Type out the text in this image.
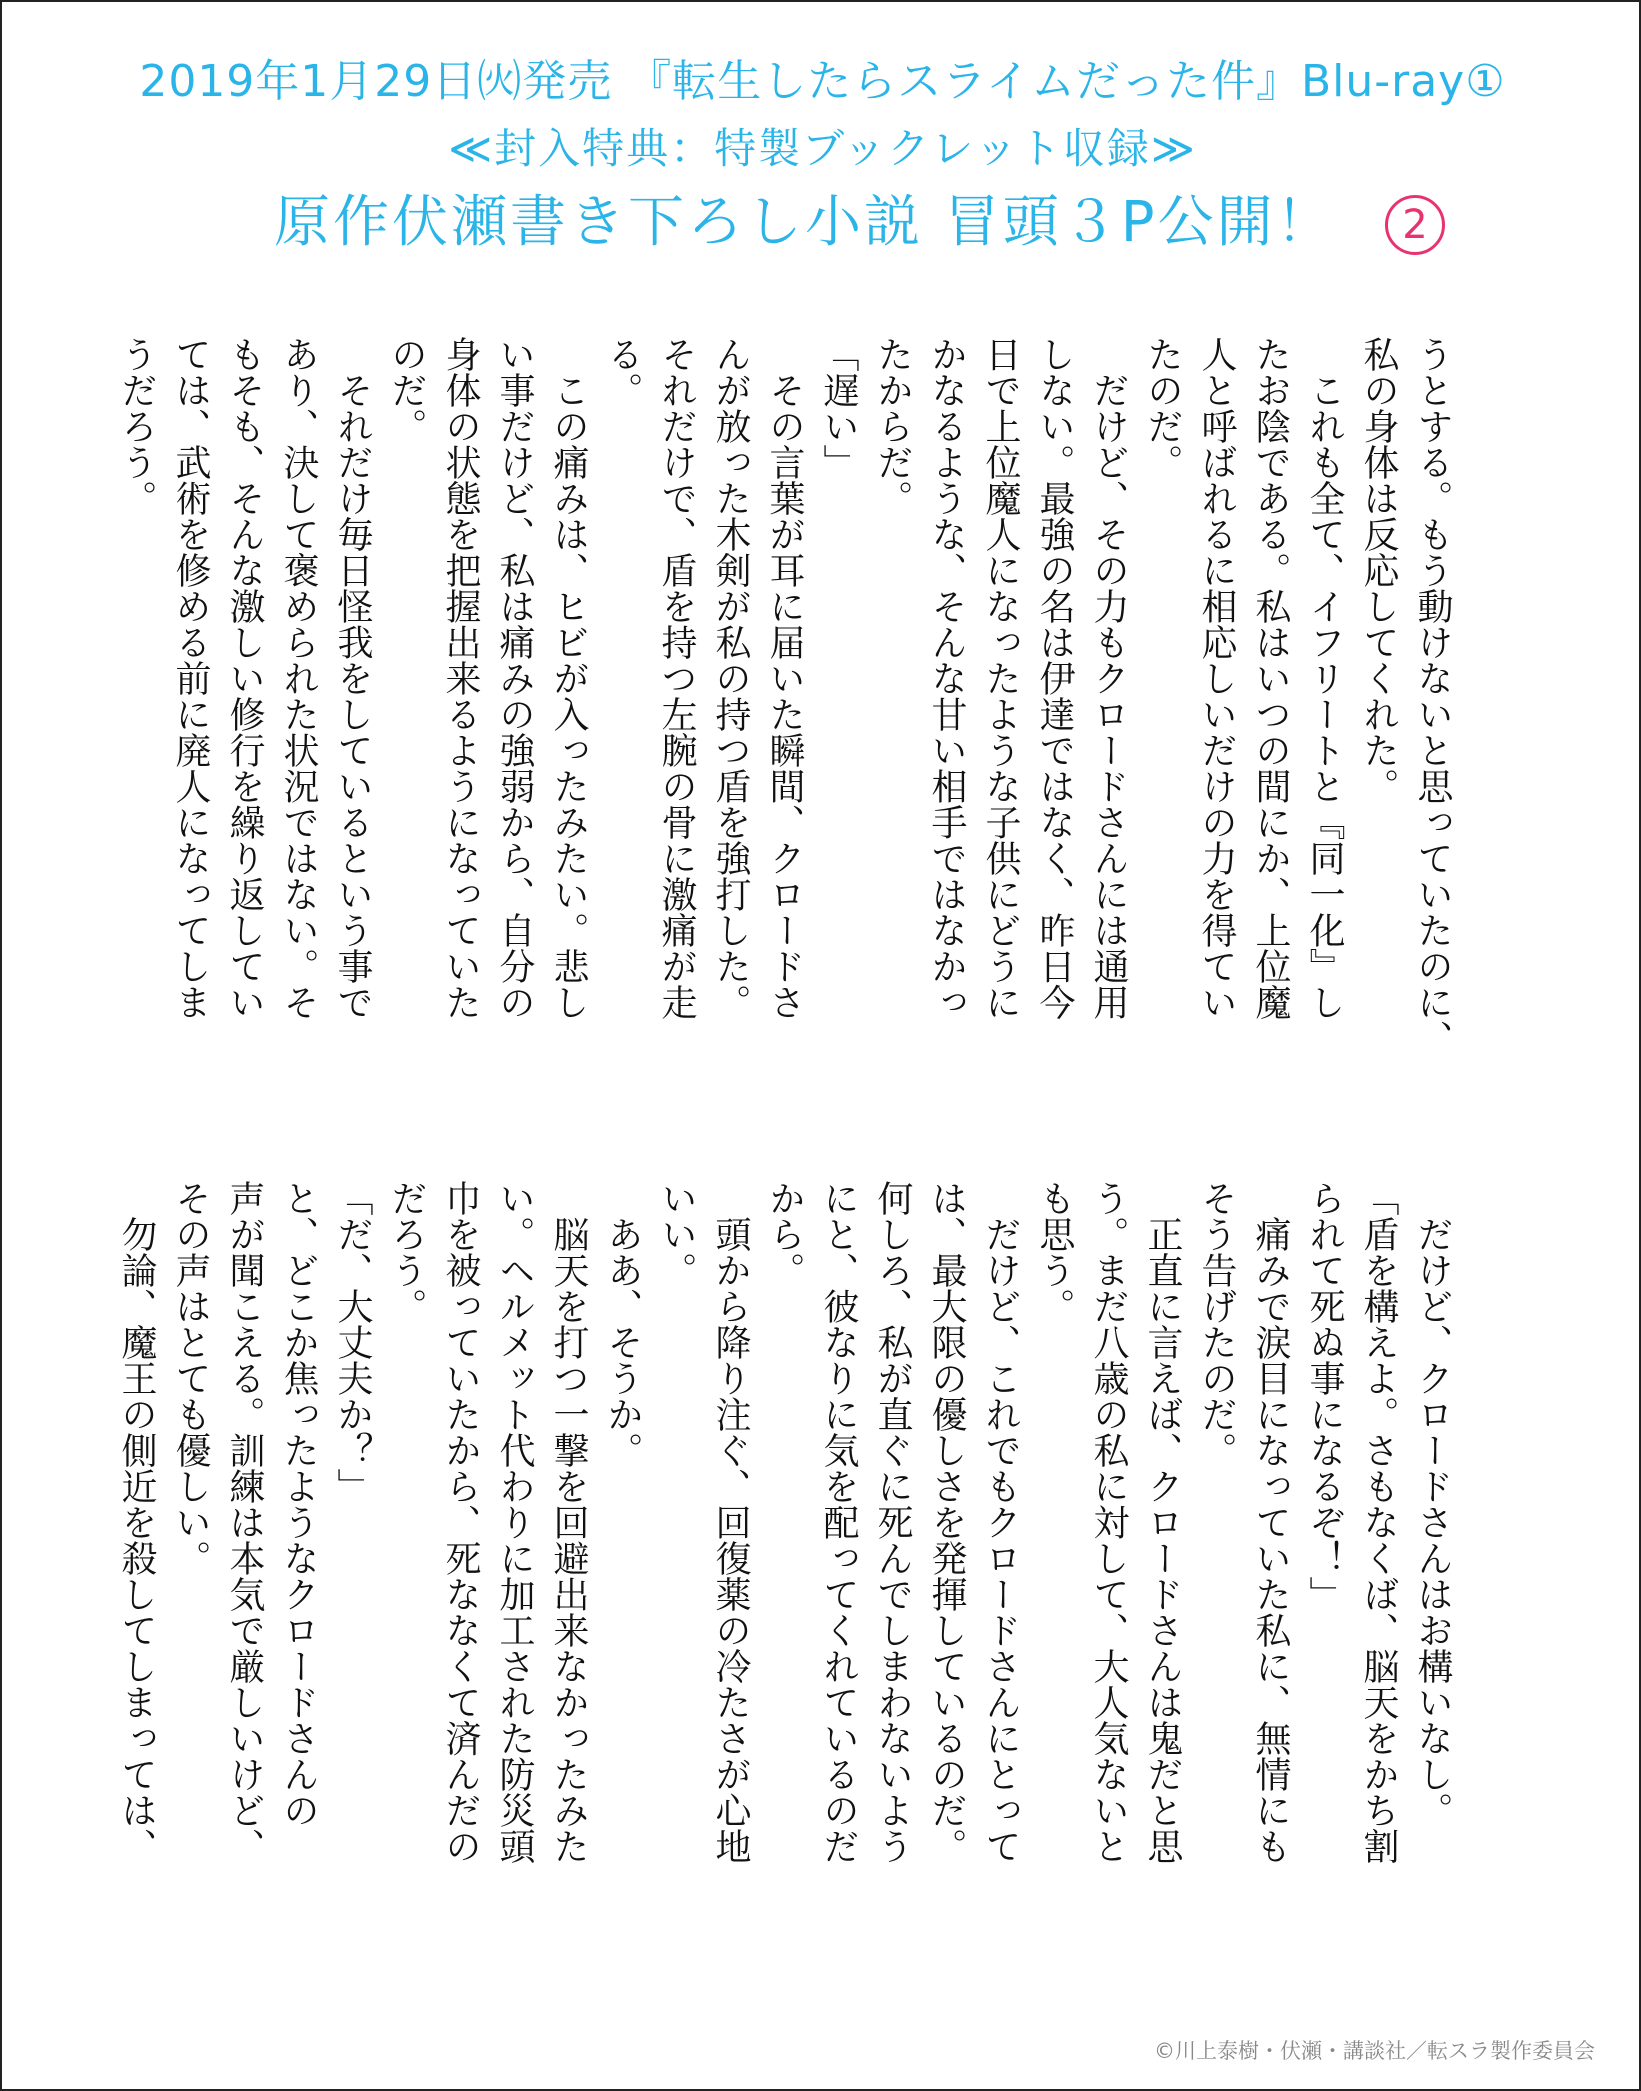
2019年1月29日㈫発売 『転生したらスライムだった件』Blu-ray①
≪封入特典：特製ブックレット収録≫
原作伏瀬書き下ろし小説 冒頭３P公開！	2

うとする。もう動けないと思っていたのに、

私の身体は反応してくれた。

　これも全て、イフリートと『同一化』し

たお陰である。私はいつの間にか、上位魔

人と呼ばれるに相応しいだけの力を得てい

たのだ。

　だけど、その力もクロードさんには通用

しない。最強の名は伊達ではなく、昨日今

日で上位魔人になったような子供にどうに

かなるような、そんな甘い相手ではなかっ

たからだ。

「遅い」

　その言葉が耳に届いた瞬間、クロードさ

んが放った木剣が私の持つ盾を強打した。

それだけで、盾を持つ左腕の骨に激痛が走

る。

　この痛みは、ヒビが入ったみたい。悲し

い事だけど、私は痛みの強弱から、自分の

身体の状態を把握出来るようになっていた

のだ。

　それだけ毎日怪我をしているという事で

あり、決して褒められた状況ではない。そ

もそも、そんな激しい修行を繰り返してい

ては、武術を修める前に廃人になってしま

うだろう。

　だけど、クロードさんはお構いなし。

「盾を構えよ。さもなくば、脳天をかち割

られて死ぬ事になるぞ！」

　痛みで涙目になっていた私に、無情にも

そう告げたのだ。

　正直に言えば、クロードさんは鬼だと思

う。まだ八歳の私に対して、大人気ないと

も思う。

　だけど、これでもクロードさんにとって

は、最大限の優しさを発揮しているのだ。

何しろ、私が直ぐに死んでしまわないよう

にと、彼なりに気を配ってくれているのだ

から。

　頭から降り注ぐ、回復薬の冷たさが心地

いい。

　ああ、そうか。

　脳天を打つ一撃を回避出来なかったみた

い。ヘルメット代わりに加工された防災頭

巾を被っていたから、死ななくて済んだの

だろう。

「だ、大丈夫か？」

と、どこか焦ったようなクロードさんの

声が聞こえる。訓練は本気で厳しいけど、

その声はとても優しい。

　勿論、魔王の側近を殺してしまっては、

©川上泰樹・伏瀬・講談社／転スラ製作委員会
